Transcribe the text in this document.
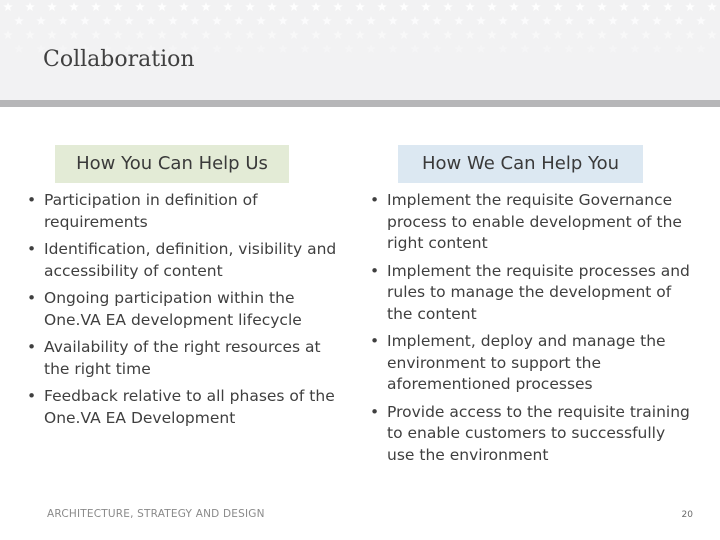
Collaboration
How You Can Help Us	How We Can Help You
• Participation in definition of requirements
• Identification, definition, visibility and accessibility of content
• Ongoing participation within the One.VA EA development lifecycle
• Availability of the right resources at the right time
• Feedback relative to all phases of the One.VA EA Development
• Implement the requisite Governance process to enable development of the right content
• Implement the requisite processes and rules to manage the development of the content
• Implement, deploy and manage the environment to support the aforementioned processes
• Provide access to the requisite training to enable customers to successfully use the environment
ARCHITECTURE, STRATEGY AND DESIGN	20
